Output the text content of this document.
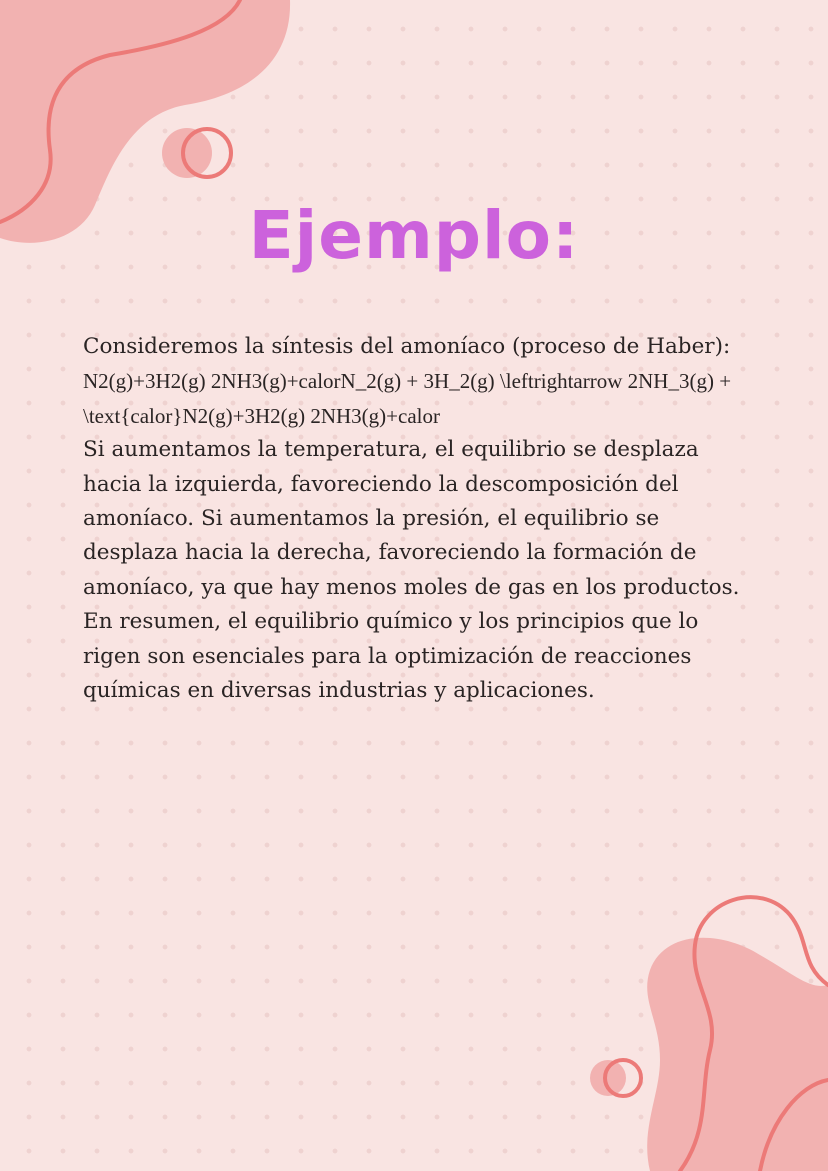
Ejemplo:

Consideremos la síntesis del amoníaco (proceso de Haber):

N2(g)+3H2(g) 2NH3(g)+calorN_2(g) + 3H_2(g) \leftrightarrow 2NH_3(g) + \text{calor}N2(g)+3H2(g) 2NH3(g)+calor

Si aumentamos la temperatura, el equilibrio se desplaza hacia la izquierda, favoreciendo la descomposición del amoníaco. Si aumentamos la presión, el equilibrio se desplaza hacia la derecha, favoreciendo la formación de amoníaco, ya que hay menos moles de gas en los productos.

En resumen, el equilibrio químico y los principios que lo rigen son esenciales para la optimización de reacciones químicas en diversas industrias y aplicaciones.
